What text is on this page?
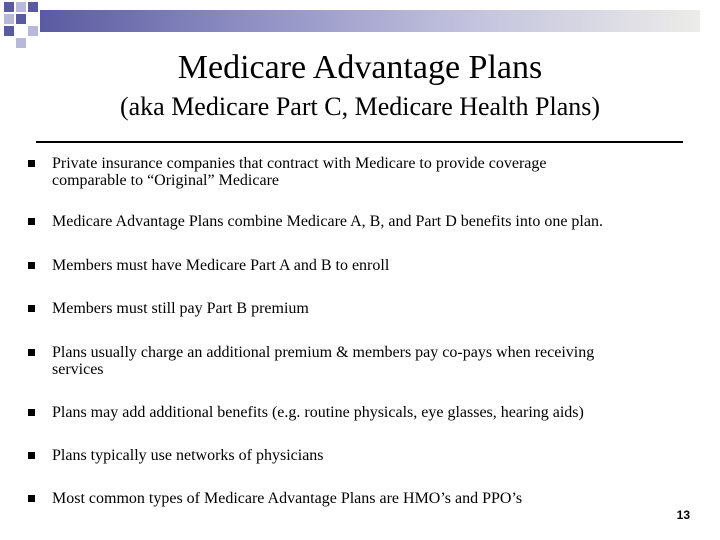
Medicare Advantage Plans
(aka Medicare Part C, Medicare Health Plans)
Private insurance companies that contract with Medicare to provide coverage
comparable to “Original” Medicare
Medicare Advantage Plans combine Medicare A, B, and Part D benefits into one plan.
Members must have Medicare Part A and B to enroll
Members must still pay Part B premium
Plans usually charge an additional premium & members pay co-pays when receiving
services
Plans may add additional benefits (e.g. routine physicals, eye glasses, hearing aids)
Plans typically use networks of physicians
Most common types of Medicare Advantage Plans are HMO’s and PPO’s
13
